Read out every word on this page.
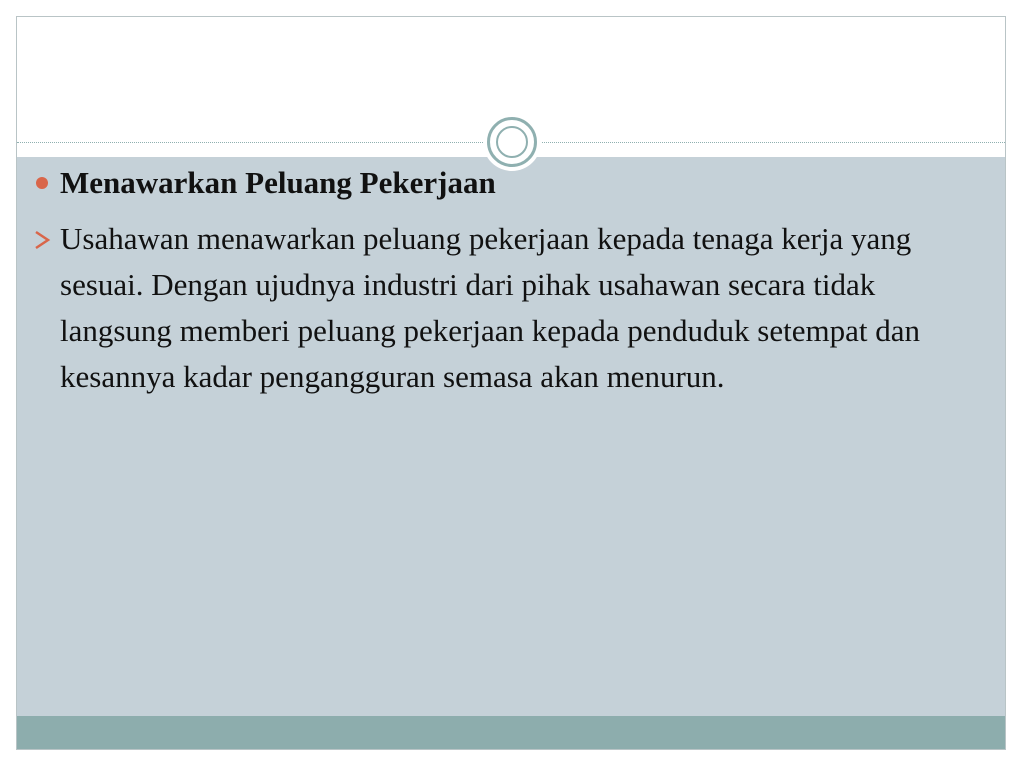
Menawarkan Peluang Pekerjaan
Usahawan menawarkan peluang pekerjaan kepada tenaga kerja yang sesuai. Dengan ujudnya industri dari pihak usahawan secara tidak langsung memberi peluang pekerjaan kepada penduduk setempat dan kesannya kadar pengangguran semasa akan menurun.
